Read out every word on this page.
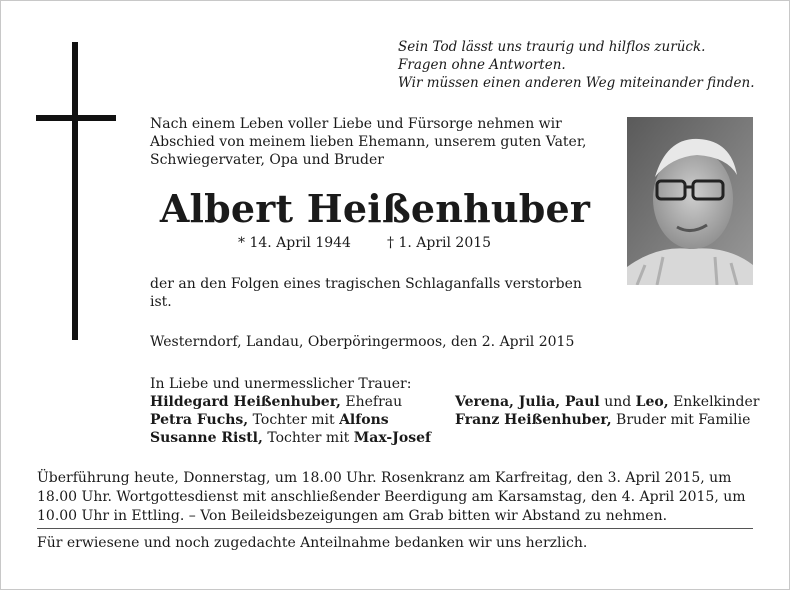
Sein Tod lässt uns traurig und hilflos zurück.
Fragen ohne Antworten.
Wir müssen einen anderen Weg miteinander finden.
Nach einem Leben voller Liebe und Fürsorge nehmen wir
Abschied von meinem lieben Ehemann, unserem guten Vater,
Schwiegervater, Opa und Bruder
Albert Heißenhuber
* 14. April 1944	† 1. April 2015
der an den Folgen eines tragischen Schlaganfalls verstorben
ist.
Westerndorf, Landau, Oberpöringermoos, den 2. April 2015
In Liebe und unermesslicher Trauer:
Hildegard Heißenhuber, Ehefrau
Petra Fuchs, Tochter mit Alfons
Susanne Ristl, Tochter mit Max-Josef
Verena, Julia, Paul und Leo, Enkelkinder
Franz Heißenhuber, Bruder mit Familie
Überführung heute, Donnerstag, um 18.00 Uhr. Rosenkranz am Karfreitag, den 3. April 2015, um
18.00 Uhr. Wortgottesdienst mit anschließender Beerdigung am Karsamstag, den 4. April 2015, um
10.00 Uhr in Ettling. – Von Beileidsbezeigungen am Grab bitten wir Abstand zu nehmen.
Für erwiesene und noch zugedachte Anteilnahme bedanken wir uns herzlich.
